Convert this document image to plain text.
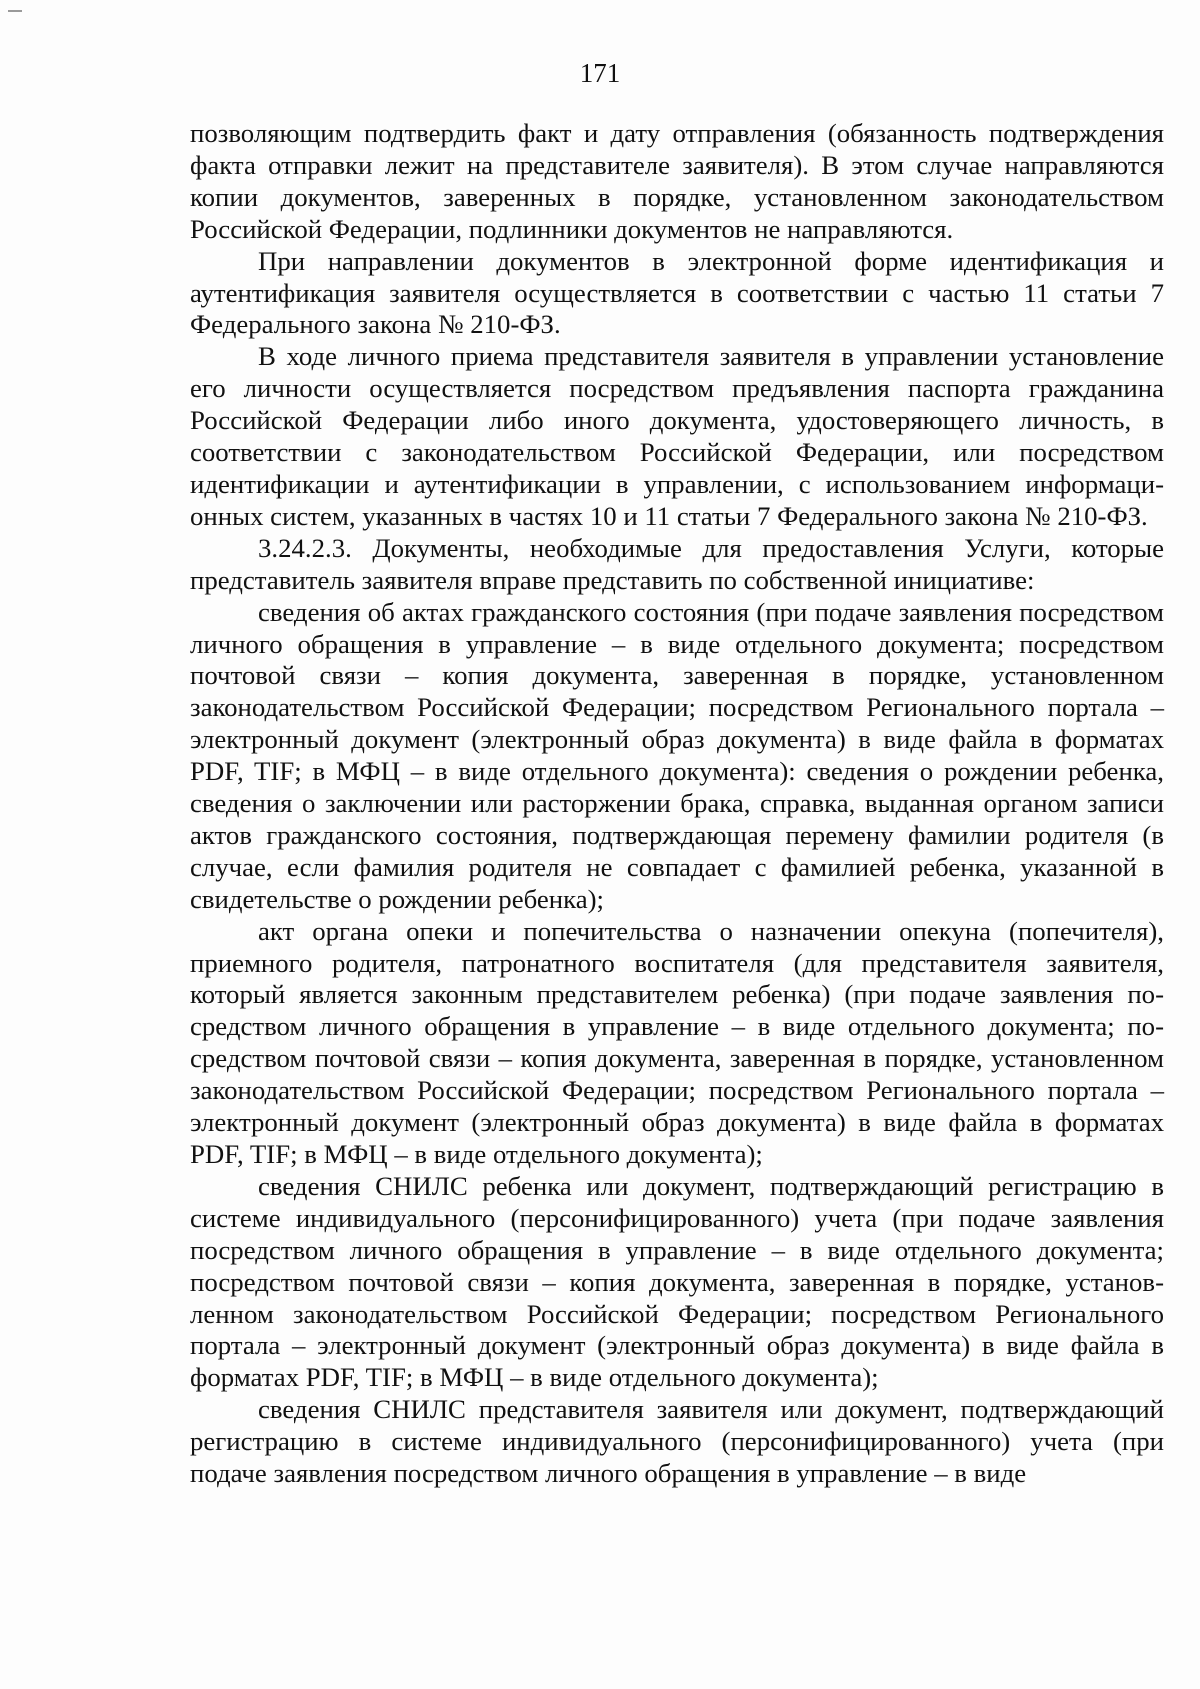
171

позволяющим подтвердить факт и дату отправления (обязанность подтверждения факта отправки лежит на представителе заявителя). В этом случае направляются копии документов, заверенных в порядке, установленном законодательством Российской Федерации, подлинники документов не направляются.

При направлении документов в электронной форме идентификация и аутентификация заявителя осуществляется в соответствии с частью 11 статьи 7 Федерального закона № 210-ФЗ.

В ходе личного приема представителя заявителя в управлении установление его личности осуществляется посредством предъявления паспорта гражданина Российской Федерации либо иного документа, удостоверяющего личность, в соответствии с законодательством Российской Федерации, или посредством идентификации и аутентификации в управлении, с использованием информационных систем, указанных в частях 10 и 11 статьи 7 Федерального закона № 210-ФЗ.

3.24.2.3. Документы, необходимые для предоставления Услуги, которые представитель заявителя вправе представить по собственной инициативе:

сведения об актах гражданского состояния (при подаче заявления посредством личного обращения в управление – в виде отдельного документа; посредством почтовой связи – копия документа, заверенная в порядке, установленном законодательством Российской Федерации; посредством Регионального портала – электронный документ (электронный образ документа) в виде файла в форматах PDF, TIF; в МФЦ – в виде отдельного документа): сведения о рождении ребенка, сведения о заключении или расторжении брака, справка, выданная органом записи актов гражданского состояния, подтверждающая перемену фамилии родителя (в случае, если фамилия родителя не совпадает с фамилией ребенка, указанной в свидетельстве о рождении ребенка);

акт органа опеки и попечительства о назначении опекуна (попечителя), приемного родителя, патронатного воспитателя (для представителя заявителя, который является законным представителем ребенка) (при подаче заявления посредством личного обращения в управление – в виде отдельного документа; посредством почтовой связи – копия документа, заверенная в порядке, установленном законодательством Российской Федерации; посредством Регионального портала – электронный документ (электронный образ документа) в виде файла в форматах PDF, TIF; в МФЦ – в виде отдельного документа);

сведения СНИЛС ребенка или документ, подтверждающий регистрацию в системе индивидуального (персонифицированного) учета (при подаче заявления посредством личного обращения в управление – в виде отдельного документа; посредством почтовой связи – копия документа, заверенная в порядке, установленном законодательством Российской Федерации; посредством Регионального портала – электронный документ (электронный образ документа) в виде файла в форматах PDF, TIF; в МФЦ – в виде отдельного документа);

сведения СНИЛС представителя заявителя или документ, подтверждающий регистрацию в системе индивидуального (персонифицированного) учета (при подаче заявления посредством личного обращения в управление – в виде
